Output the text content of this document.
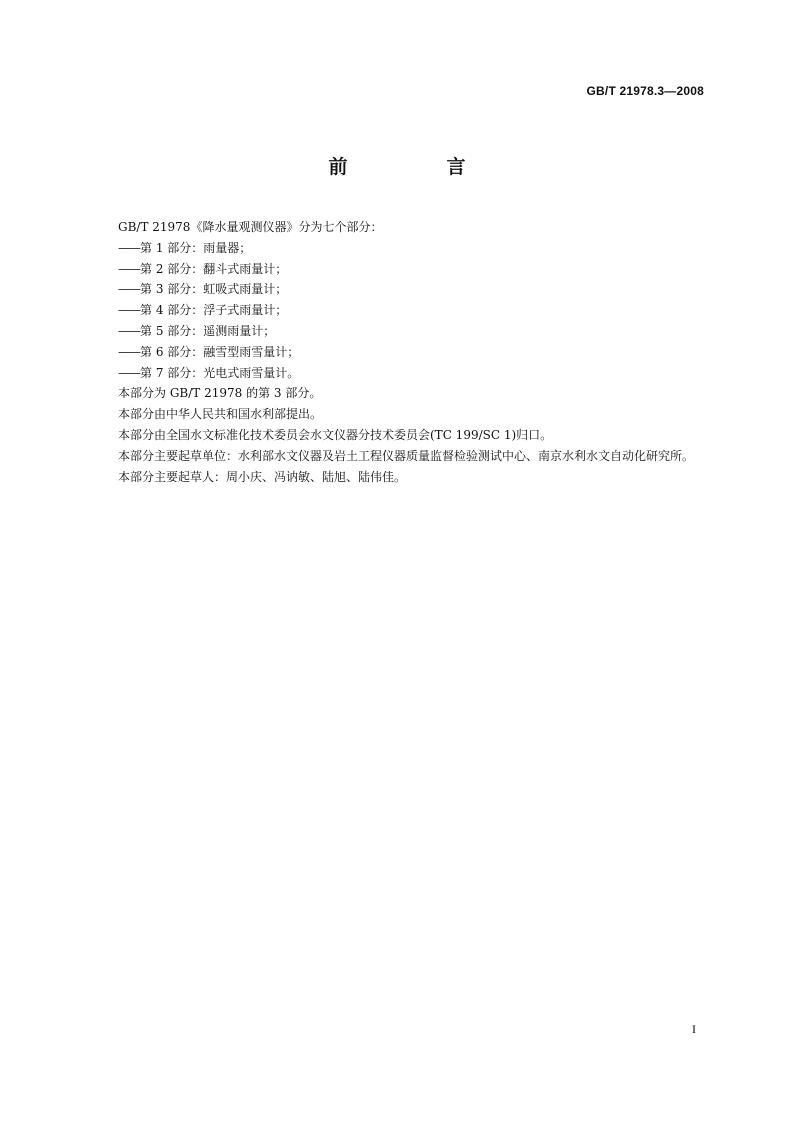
GB/T 21978.3—2008
前　言

GB/T 21978《降水量观测仪器》分为七个部分：

——第 1 部分：雨量器；

——第 2 部分：翻斗式雨量计；

——第 3 部分：虹吸式雨量计；

——第 4 部分：浮子式雨量计；

——第 5 部分：遥测雨量计；

——第 6 部分：融雪型雨雪量计；

——第 7 部分：光电式雨雪量计。

本部分为 GB/T 21978 的第 3 部分。

本部分由中华人民共和国水利部提出。

本部分由全国水文标准化技术委员会水文仪器分技术委员会(TC 199/SC 1)归口。

本部分主要起草单位：水利部水文仪器及岩土工程仪器质量监督检验测试中心、南京水利水文自动化研究所。

本部分主要起草人：周小庆、冯讷敏、陆旭、陆伟佳。

I
